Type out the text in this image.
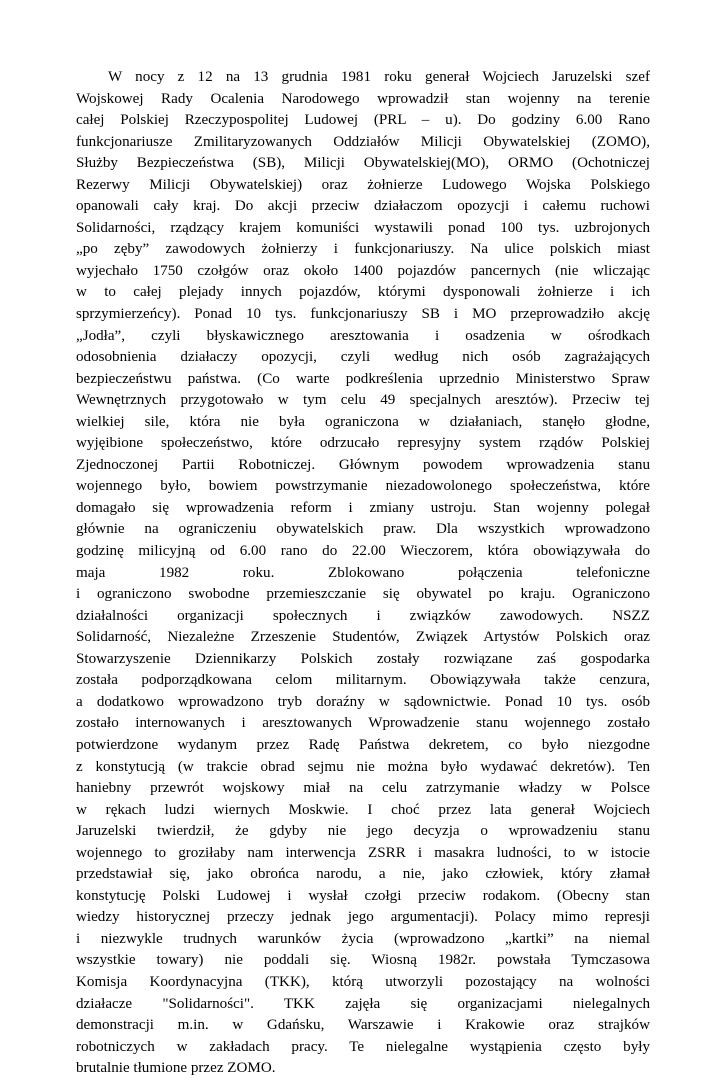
W nocy z 12 na 13 grudnia 1981 roku generał Wojciech Jaruzelski szef
Wojskowej Rady Ocalenia Narodowego wprowadził stan wojenny na terenie
całej Polskiej Rzeczypospolitej Ludowej (PRL – u). Do godziny 6.00 Rano
funkcjonariusze Zmilitaryzowanych Oddziałów Milicji Obywatelskiej (ZOMO),
Służby Bezpieczeństwa (SB), Milicji Obywatelskiej(MO), ORMO (Ochotniczej
Rezerwy Milicji Obywatelskiej) oraz żołnierze Ludowego Wojska Polskiego
opanowali cały kraj. Do akcji przeciw działaczom opozycji i całemu ruchowi
Solidarności, rządzący krajem komuniści wystawili ponad 100 tys. uzbrojonych
„po zęby” zawodowych żołnierzy i funkcjonariuszy. Na ulice polskich miast
wyjechało 1750 czołgów oraz około 1400 pojazdów pancernych (nie wliczając
w to całej plejady innych pojazdów, którymi dysponowali żołnierze i ich
sprzymierzeńcy). Ponad 10 tys. funkcjonariuszy SB i MO przeprowadziło akcję
„Jodła”, czyli błyskawicznego aresztowania i osadzenia w ośrodkach
odosobnienia działaczy opozycji, czyli według nich osób zagrażających
bezpieczeństwu państwa. (Co warte podkreślenia uprzednio Ministerstwo Spraw
Wewnętrznych przygotowało w tym celu 49 specjalnych aresztów). Przeciw tej
wielkiej sile, która nie była ograniczona w działaniach, stanęło głodne,
wyjęibione społeczeństwo, które odrzucało represyjny system rządów Polskiej
Zjednoczonej Partii Robotniczej. Głównym powodem wprowadzenia stanu
wojennego było, bowiem powstrzymanie niezadowolonego społeczeństwa, które
domagało się wprowadzenia reform i zmiany ustroju. Stan wojenny polegał
głównie na ograniczeniu obywatelskich praw. Dla wszystkich wprowadzono
godzinę milicyjną od 6.00 rano do 22.00 Wieczorem, która obowiązywała do
maja 1982 roku. Zblokowano połączenia telefoniczne
i ograniczono swobodne przemieszczanie się obywatel po kraju. Ograniczono
działalności organizacji społecznych i związków zawodowych. NSZZ
Solidarność, Niezależne Zrzeszenie Studentów, Związek Artystów Polskich oraz
Stowarzyszenie Dziennikarzy Polskich zostały rozwiązane zaś gospodarka
została podporządkowana celom militarnym. Obowiązywała także cenzura,
a dodatkowo wprowadzono tryb doraźny w sądownictwie. Ponad 10 tys. osób
zostało internowanych i aresztowanych Wprowadzenie stanu wojennego zostało
potwierdzone wydanym przez Radę Państwa dekretem, co było niezgodne
z konstytucją (w trakcie obrad sejmu nie można było wydawać dekretów). Ten
haniebny przewrót wojskowy miał na celu zatrzymanie władzy w Polsce
w rękach ludzi wiernych Moskwie. I choć przez lata generał Wojciech
Jaruzelski twierdził, że gdyby nie jego decyzja o wprowadzeniu stanu
wojennego to groziłaby nam interwencja ZSRR i masakra ludności, to w istocie
przedstawiał się, jako obrońca narodu, a nie, jako człowiek, który złamał
konstytucję Polski Ludowej i wysłał czołgi przeciw rodakom. (Obecny stan
wiedzy historycznej przeczy jednak jego argumentacji). Polacy mimo represji
i niezwykle trudnych warunków życia (wprowadzono „kartki” na niemal
wszystkie towary) nie poddali się. Wiosną 1982r. powstała Tymczasowa
Komisja Koordynacyjna (TKK), którą utworzyli pozostający na wolności
działacze "Solidarności". TKK zajęła się organizacjami nielegalnych
demonstracji m.in. w Gdańsku, Warszawie i Krakowie oraz strajków
robotniczych w zakładach pracy. Te nielegalne wystąpienia często były
brutalnie tłumione przez ZOMO.
